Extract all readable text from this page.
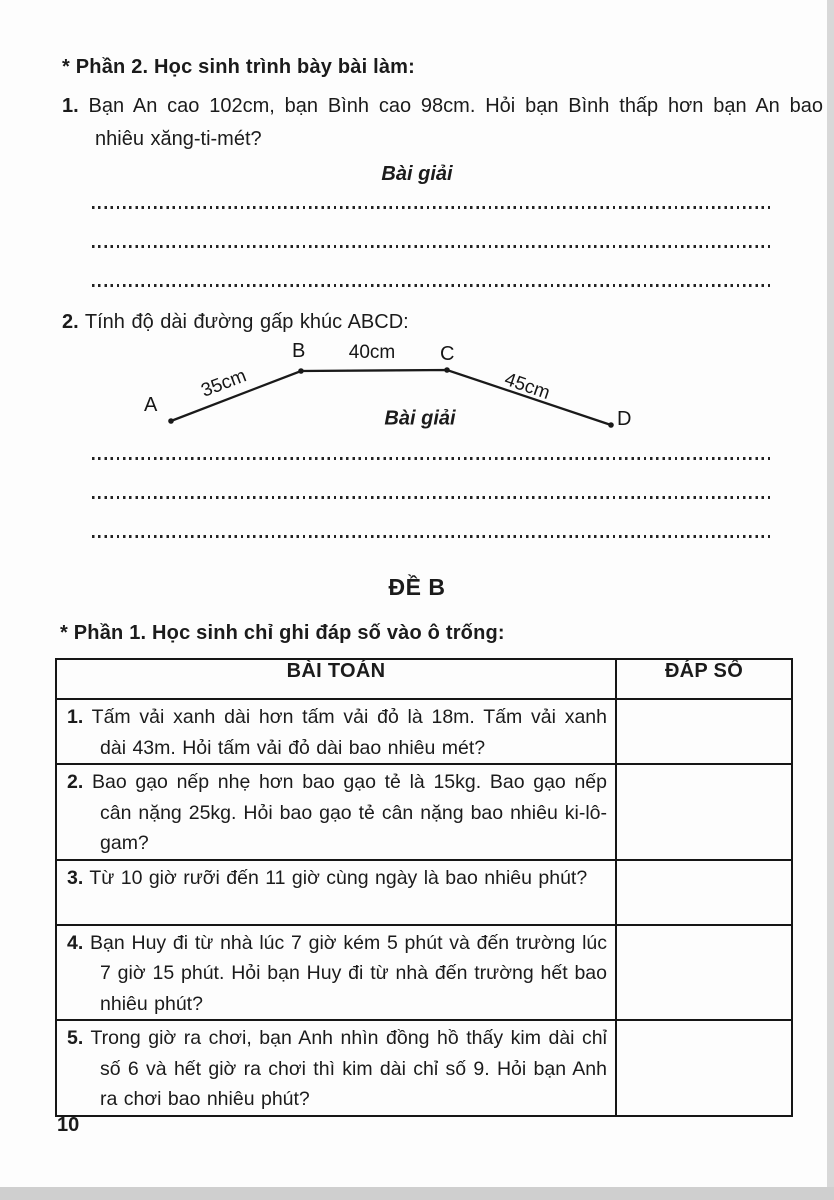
* Phần 2. Học sinh trình bày bài làm:
1. Bạn An cao 102cm, bạn Bình cao 98cm. Hỏi bạn Bình thấp hơn bạn An bao nhiêu xăng-ti-mét?
Bài giải
2. Tính độ dài đường gấp khúc ABCD:
A
B	C
D
35cm
40cm
45cm
Bài giải
ĐỀ B
* Phần 1. Học sinh chỉ ghi đáp số vào ô trống:
BÀI TOÁN	ĐÁP SỐ

1. Tấm vải xanh dài hơn tấm vải đỏ là 18m. Tấm vải xanh dài 43m. Hỏi tấm vải đỏ dài bao nhiêu mét?	

2. Bao gạo nếp nhẹ hơn bao gạo tẻ là 15kg. Bao gạo nếp cân nặng 25kg. Hỏi bao gạo tẻ cân nặng bao nhiêu ki-lô-gam?	

3. Từ 10 giờ rưỡi đến 11 giờ cùng ngày là bao nhiêu phút?	

4. Bạn Huy đi từ nhà lúc 7 giờ kém 5 phút và đến trường lúc 7 giờ 15 phút. Hỏi bạn Huy đi từ nhà đến trường hết bao nhiêu phút?	

5. Trong giờ ra chơi, bạn Anh nhìn đồng hồ thấy kim dài chỉ số 6 và hết giờ ra chơi thì kim dài chỉ số 9. Hỏi bạn Anh ra chơi bao nhiêu phút?	

10
